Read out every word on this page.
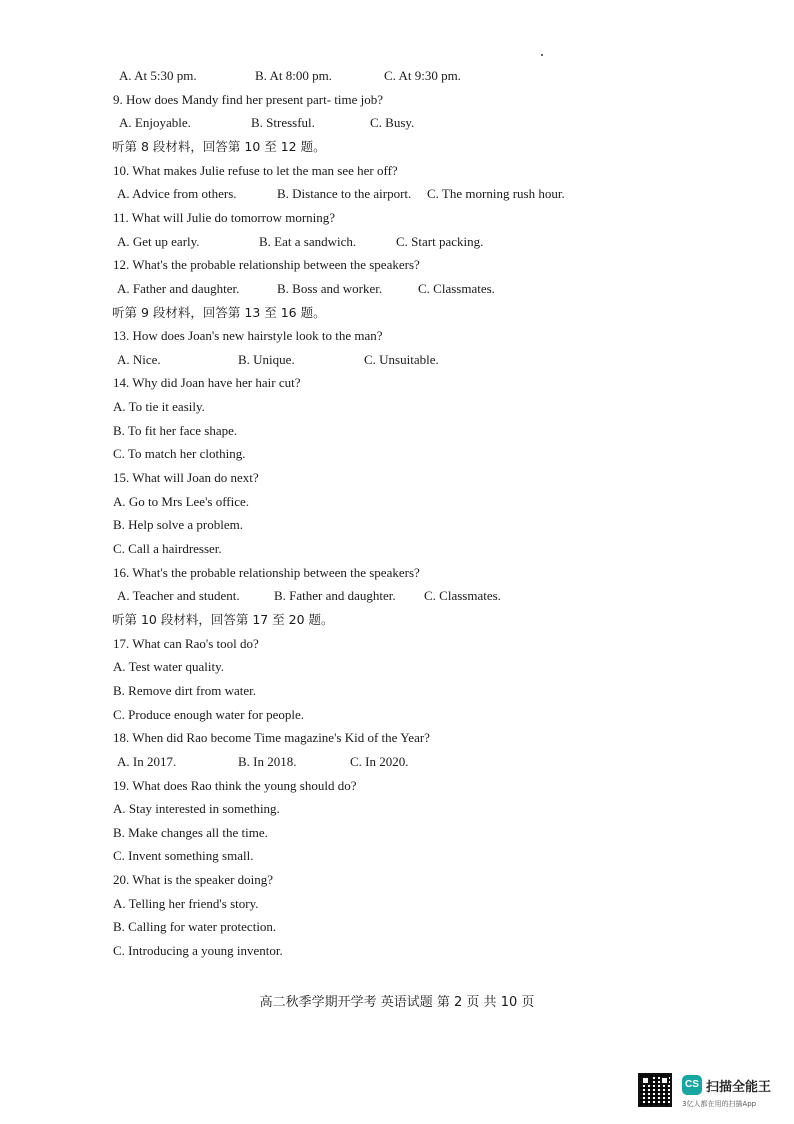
A. At 5:30 pm.	B. At 8:00 pm.	C. At 9:30 pm.
9. How does Mandy find her present part- time job?
A. Enjoyable.	B. Stressful.	C. Busy.
听第 8 段材料，回答第 10 至 12 题。
10. What makes Julie refuse to let the man see her off?
A. Advice from others.	B. Distance to the airport. C. The morning rush hour.
11. What will Julie do tomorrow morning?
A. Get up early.	B. Eat a sandwich.	C. Start packing.
12. What's the probable relationship between the speakers?
A. Father and daughter.	B. Boss and worker.	C. Classmates.
听第 9 段材料，回答第 13 至 16 题。
13. How does Joan's new hairstyle look to the man?
A. Nice.	B. Unique.	C. Unsuitable.
14. Why did Joan have her hair cut?
A. To tie it easily.
B. To fit her face shape.
C. To match her clothing.
15. What will Joan do next?
A. Go to Mrs Lee's office.
B. Help solve a problem.
C. Call a hairdresser.
16. What's the probable relationship between the speakers?
A. Teacher and student.	B. Father and daughter. C. Classmates.
听第 10 段材料，回答第 17 至 20 题。
17. What can Rao's tool do?
A. Test water quality.
B. Remove dirt from water.
C. Produce enough water for people.
18. When did Rao become Time magazine's Kid of the Year?
A. In 2017.	B. In 2018.	C. In 2020.
19. What does Rao think the young should do?
A. Stay interested in something.
B. Make changes all the time.
C. Invent something small.
20. What is the speaker doing?
A. Telling her friend's story.
B. Calling for water protection.
C. Introducing a young inventor.
高二秋季学期开学考 英语试题 第 2 页 共 10 页
CS 扫描全能王
3亿人都在用的扫描App
